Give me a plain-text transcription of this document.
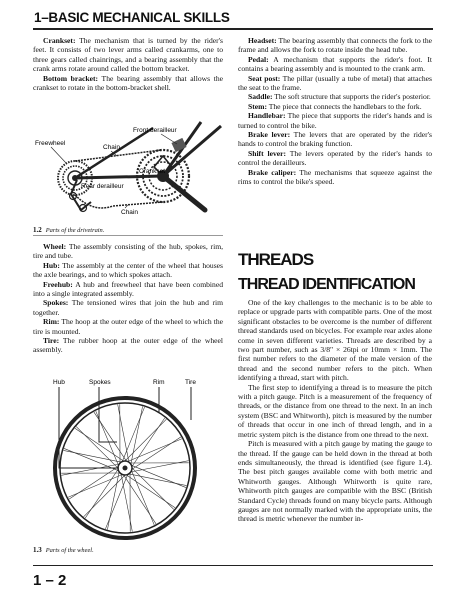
1–BASIC MECHANICAL SKILLS

Crankset: The mechanism that is turned by the rider's feet. It consists of two lever arms called crankarms, one to three gears called chainrings, and a bearing assembly that the crank arms rotate around called the bottom bracket.

Bottom bracket: The bearing assembly that allows the crankset to rotate in the bottom-bracket shell.

Front derailleur
Chain
Freewheel
Crankset
Rear derailleur
Chain
1.2 Parts of the drivetrain.

Wheel: The assembly consisting of the hub, spokes, rim, tire and tube.

Hub: The assembly at the center of the wheel that houses the axle bearings, and to which spokes attach.

Freehub: A hub and freewheel that have been combined into a single integrated assembly.

Spokes: The tensioned wires that join the hub and rim together.

Rim: The hoop at the outer edge of the wheel to which the tire is mounted.

Tire: The rubber hoop at the outer edge of the wheel assembly.

Hub	Spokes	Rim	Tire
1.3 Parts of the wheel.

Headset: The bearing assembly that connects the fork to the frame and allows the fork to rotate inside the head tube.

Pedal: A mechanism that supports the rider's foot. It contains a bearing assembly and is mounted to the crank arm.

Seat post: The pillar (usually a tube of metal) that attaches the seat to the frame.

Saddle: The soft structure that supports the rider's posterior.

Stem: The piece that connects the handlebars to the fork.

Handlebar: The piece that supports the rider's hands and is turned to control the bike.

Brake lever: The levers that are operated by the rider's hands to control the braking function.

Shift lever: The levers operated by the rider's hands to control the derailleurs.

Brake caliper: The mechanisms that squeeze against the rims to control the bike's speed.

THREADS
THREAD IDENTIFICATION

One of the key challenges to the mechanic is to be able to replace or upgrade parts with compatible parts. One of the most significant obstacles to be overcome is the number of different thread standards used on bicycles. For example rear axles alone come in seven different varieties. Threads are described by a two part number, such as 3/8" × 26tpi or 10mm × 1mm. The first number refers to the diameter of the male version of the thread and the second number refers to the pitch. When identifying a thread, start with pitch.

The first step to identifying a thread is to measure the pitch with a pitch gauge. Pitch is a measurement of the frequency of threads, or the distance from one thread to the next. In an inch system (BSC and Whitworth), pitch is measured by the number of threads that occur in one inch of thread length, and in a metric system pitch is the distance from one thread to the next.

Pitch is measured with a pitch gauge by mating the gauge to the thread. If the gauge can be held down in the thread at both ends simultaneously, the thread is identified (see figure 1.4). The best pitch gauges available come with both metric and Whitworth gauges. Although Whitworth is quite rare, Whitworth pitch gauges are compatible with the BSC (British Standard Cycle) threads found on many bicycle parts. Although gauges are not normally marked with the appropriate units, the thread is metric whenever the number in-

1 – 2
